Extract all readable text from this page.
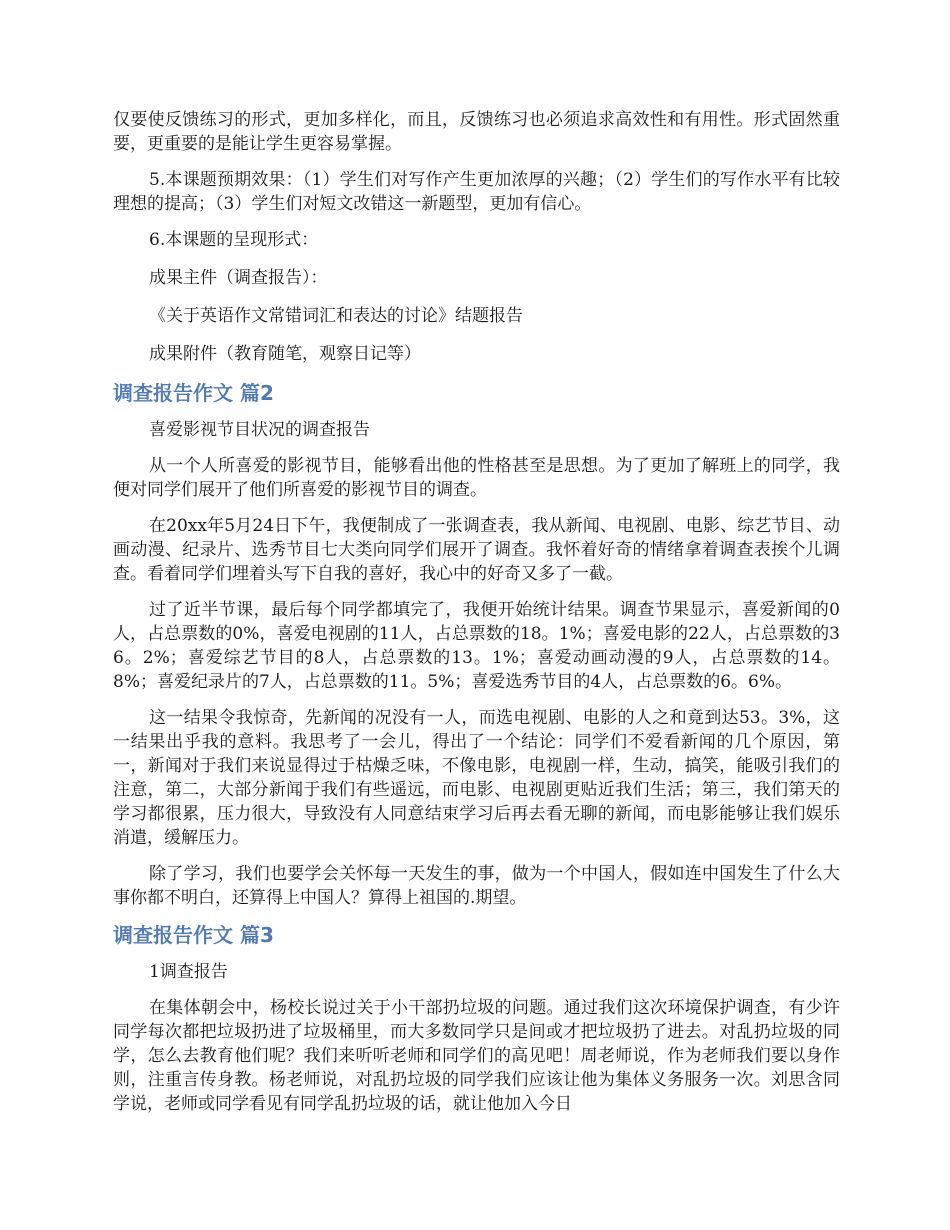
仅要使反馈练习的形式，更加多样化，而且，反馈练习也必须追求高效性和有用性。形式固然重要，更重要的是能让学生更容易掌握。

5.本课题预期效果：（1）学生们对写作产生更加浓厚的兴趣；（2）学生们的写作水平有比较理想的提高；（3）学生们对短文改错这一新题型，更加有信心。

6.本课题的呈现形式：

成果主件（调查报告）：

《关于英语作文常错词汇和表达的讨论》结题报告

成果附件（教育随笔，观察日记等）

调查报告作文 篇2

喜爱影视节目状况的调查报告

从一个人所喜爱的影视节目，能够看出他的性格甚至是思想。为了更加了解班上的同学，我便对同学们展开了他们所喜爱的影视节目的调查。

在20xx年5月24日下午，我便制成了一张调查表，我从新闻、电视剧、电影、综艺节目、动画动漫、纪录片、选秀节目七大类向同学们展开了调查。我怀着好奇的情绪拿着调查表挨个儿调查。看着同学们埋着头写下自我的喜好，我心中的好奇又多了一截。

过了近半节课，最后每个同学都填完了，我便开始统计结果。调查节果显示，喜爱新闻的0人，占总票数的0%，喜爱电视剧的11人，占总票数的18。1%；喜爱电影的22人，占总票数的36。2%；喜爱综艺节目的8人，占总票数的13。1%；喜爱动画动漫的9人，占总票数的14。8%；喜爱纪录片的7人，占总票数的11。5%；喜爱选秀节目的4人，占总票数的6。6%。

这一结果令我惊奇，先新闻的况没有一人，而选电视剧、电影的人之和竟到达53。3%，这一结果出乎我的意料。我思考了一会儿，得出了一个结论：同学们不爱看新闻的几个原因，第一，新闻对于我们来说显得过于枯燥乏味，不像电影，电视剧一样，生动，搞笑，能吸引我们的注意，第二，大部分新闻于我们有些遥远，而电影、电视剧更贴近我们生活；第三，我们第天的学习都很累，压力很大，导致没有人同意结束学习后再去看无聊的新闻，而电影能够让我们娱乐消遣，缓解压力。

除了学习，我们也要学会关怀每一天发生的事，做为一个中国人，假如连中国发生了什么大事你都不明白，还算得上中国人？算得上祖国的.期望。

调查报告作文 篇3

1调查报告

在集体朝会中，杨校长说过关于小干部扔垃圾的问题。通过我们这次环境保护调查，有少许同学每次都把垃圾扔进了垃圾桶里，而大多数同学只是间或才把垃圾扔了进去。对乱扔垃圾的同学，怎么去教育他们呢？我们来听听老师和同学们的高见吧！周老师说，作为老师我们要以身作则，注重言传身教。杨老师说，对乱扔垃圾的同学我们应该让他为集体义务服务一次。刘思含同学说，老师或同学看见有同学乱扔垃圾的话，就让他加入今日
